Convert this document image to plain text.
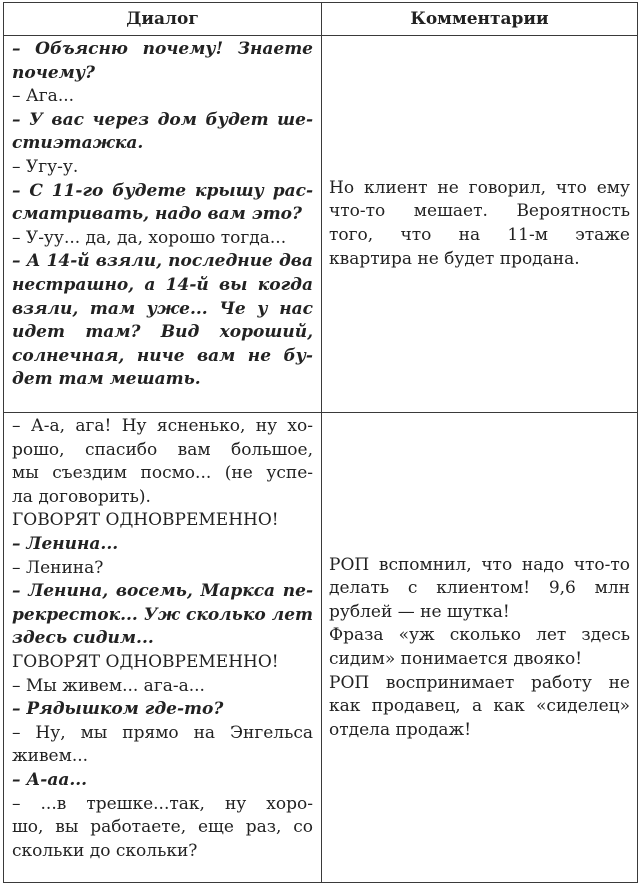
Диалог	Комментарии
– Объясню почему! Знаете
почему?
– Ага...
– У вас через дом будет ше-
стиэтажка.
– Угу-у.
– С 11-го будете крышу рас-
сматривать, надо вам это?
– У-уу... да, да, хорошо тогда...
– А 14-й взяли, последние два
нестрашно, а 14-й вы когда
взяли, там уже... Че у нас
идет там? Вид хороший,
солнечная, ниче вам не бу-
дет там мешать.

Но клиент не говорил, что ему что-то мешает. Вероятность того, что на 11-м этаже квартира не будет продана.

– А-а, ага! Ну ясненько, ну хо-
рошо, спасибо вам большое,
мы съездим посмо... (не успе-
ла договорить).
ГОВОРЯТ ОДНОВРЕМЕННО!
– Ленина...
– Ленина?
– Ленина, восемь, Маркса пе-
рекресток... Уж сколько лет
здесь сидим...
ГОВОРЯТ ОДНОВРЕМЕННО!
– Мы живем... ага-а...
– Рядышком где-то?
– Ну, мы прямо на Энгельса
живем...
– А-аа...
– ...в трешке...так, ну хоро-
шо, вы работаете, еще раз, со
скольки до скольки?

РОП вспомнил, что надо что-то делать с клиентом! 9,6 млн рублей — не шутка!

Фраза «уж сколько лет здесь сидим» понимается двояко!

РОП воспринимает работу не как продавец, а как «сиделец» отдела продаж!
